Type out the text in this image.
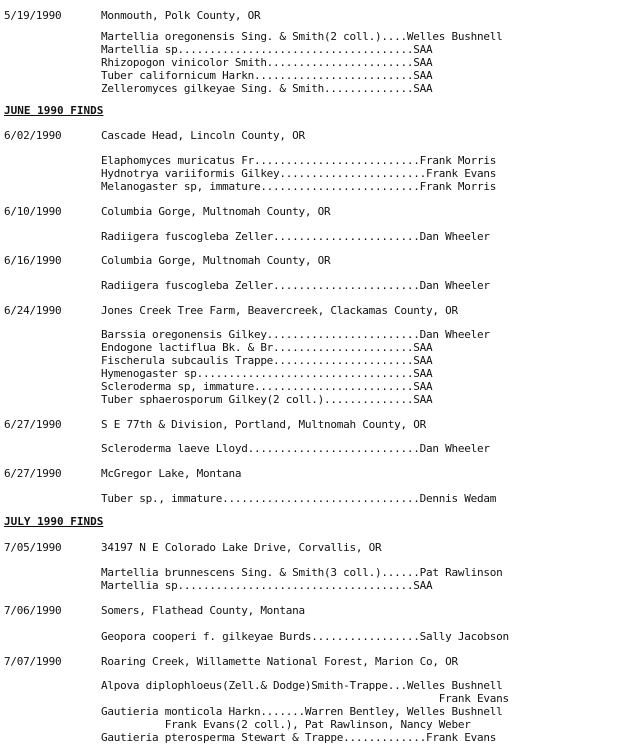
5/19/1990	Monmouth, Polk County, OR
Martellia oregonensis Sing. & Smith(2 coll.)....Welles Bushnell
Martellia sp.....................................SAA
Rhizopogon vinicolor Smith.......................SAA
Tuber californicum Harkn.........................SAA
Zelleromyces gilkeyae Sing. & Smith..............SAA
JUNE 1990 FINDS
6/02/1990	Cascade Head, Lincoln County, OR
Elaphomyces muricatus Fr..........................Frank Morris
Hydnotrya variiformis Gilkey.......................Frank Evans
Melanogaster sp, immature.........................Frank Morris
6/10/1990	Columbia Gorge, Multnomah County, OR
Radiigera fuscogleba Zeller.......................Dan Wheeler
6/16/1990	Columbia Gorge, Multnomah County, OR
Radiigera fuscogleba Zeller.......................Dan Wheeler
6/24/1990	Jones Creek Tree Farm, Beavercreek, Clackamas County, OR
Barssia oregonensis Gilkey........................Dan Wheeler
Endogone lactiflua Bk. & Br......................SAA
Fischerula subcaulis Trappe......................SAA
Hymenogaster sp..................................SAA
Scleroderma sp, immature.........................SAA
Tuber sphaerosporum Gilkey(2 coll.)..............SAA
6/27/1990	S E 77th & Division, Portland, Multnomah County, OR
Scleroderma laeve Lloyd...........................Dan Wheeler
6/27/1990	McGregor Lake, Montana
Tuber sp., immature...............................Dennis Wedam
JULY 1990 FINDS
7/05/1990	34197 N E Colorado Lake Drive, Corvallis, OR
Martellia brunnescens Sing. & Smith(3 coll.)......Pat Rawlinson
Martellia sp.....................................SAA
7/06/1990	Somers, Flathead County, Montana
Geopora cooperi f. gilkeyae Burds.................Sally Jacobson
7/07/1990	Roaring Creek, Willamette National Forest, Marion Co, OR
Alpova diplophloeus(Zell.& Dodge)Smith-Trappe...Welles Bushnell
Frank Evans
Gautieria monticola Harkn.......Warren Bentley, Welles Bushnell
Frank Evans(2 coll.), Pat Rawlinson, Nancy Weber
Gautieria pterosperma Stewart & Trappe.............Frank Evans
